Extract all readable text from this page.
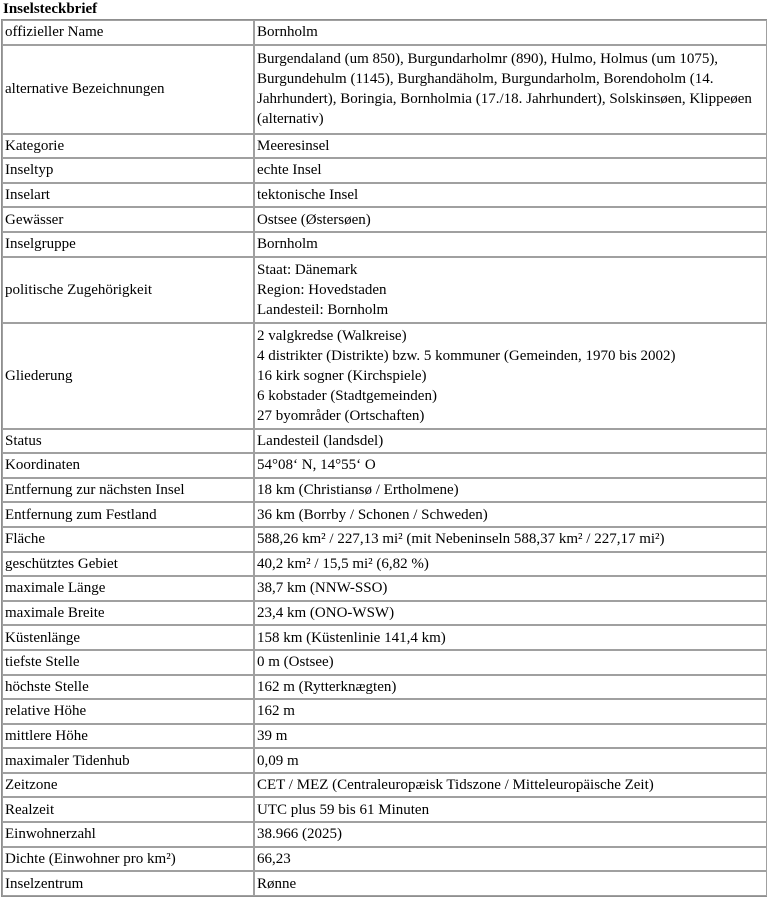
Inselsteckbrief
offizieller Name	Bornholm
alternative Bezeichnungen	Burgendaland (um 850), Burgundarholmr (890), Hulmo, Holmus (um 1075), Burgundehulm (1145), Burghandäholm, Burgundarholm, Borendoholm (14. Jahrhundert), Boringia, Bornholmia (17./18. Jahrhundert), Solskinsøen, Klippeøen (alternativ)
Kategorie	Meeresinsel
Inseltyp	echte Insel
Inselart	tektonische Insel
Gewässer	Ostsee (Østersøen)
Inselgruppe	Bornholm
politische Zugehörigkeit	Staat: Dänemark
Region: Hovedstaden
Landesteil: Bornholm
Gliederung	2 valgkredse (Walkreise)
4 distrikter (Distrikte) bzw. 5 kommuner (Gemeinden, 1970 bis 2002)
16 kirk sogner (Kirchspiele)
6 kobstader (Stadtgemeinden)
27 byområder (Ortschaften)
Status	Landesteil (landsdel)
Koordinaten	54°08‘ N, 14°55‘ O
Entfernung zur nächsten Insel	18 km (Christiansø / Ertholmene)
Entfernung zum Festland	36 km (Borrby / Schonen / Schweden)
Fläche	588,26 km² / 227,13 mi² (mit Nebeninseln 588,37 km² / 227,17 mi²)
geschütztes Gebiet	40,2 km² / 15,5 mi² (6,82 %)
maximale Länge	38,7 km (NNW-SSO)
maximale Breite	23,4 km (ONO-WSW)
Küstenlänge	158 km (Küstenlinie 141,4 km)
tiefste Stelle	0 m (Ostsee)
höchste Stelle	162 m (Rytterknægten)
relative Höhe	162 m
mittlere Höhe	39 m
maximaler Tidenhub	0,09 m
Zeitzone	CET / MEZ (Centraleuropæisk Tidszone / Mitteleuropäische Zeit)
Realzeit	UTC plus 59 bis 61 Minuten
Einwohnerzahl	38.966 (2025)
Dichte (Einwohner pro km²)	66,23
Inselzentrum	Rønne
